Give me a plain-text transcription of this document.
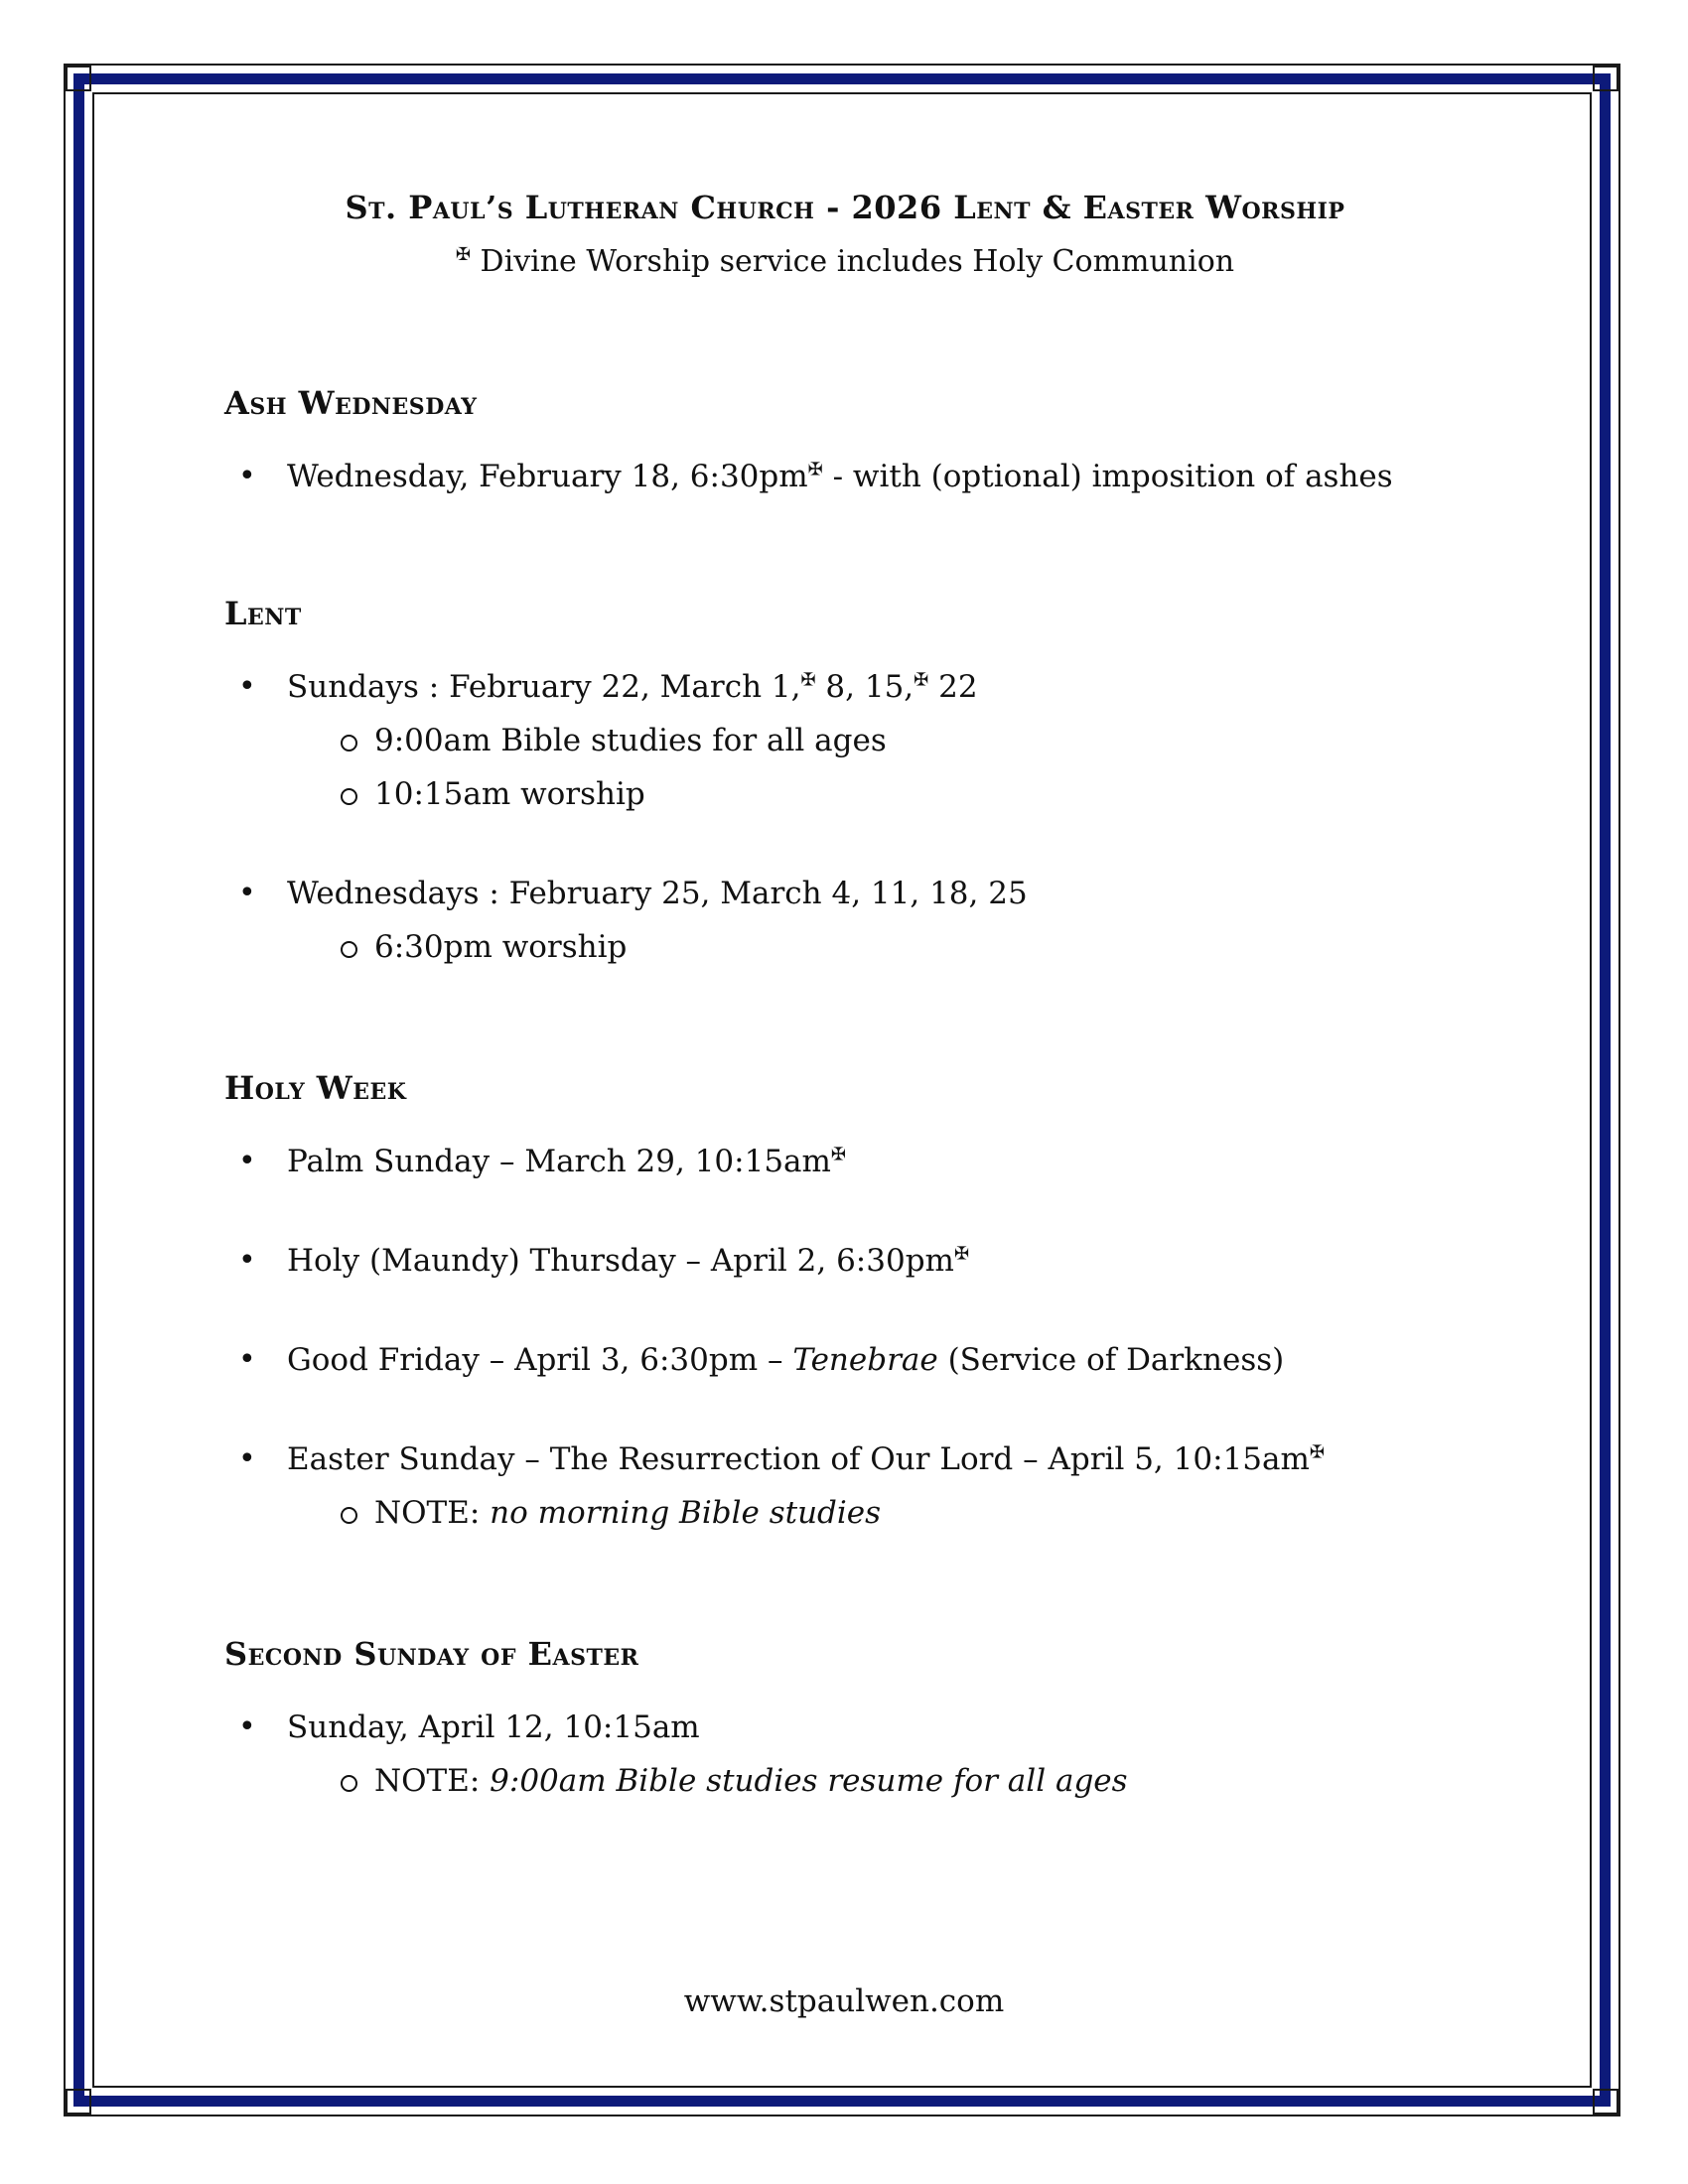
St. Paul’s Lutheran Church - 2026 Lent & Easter Worship
✠ Divine Worship service includes Holy Communion
Ash Wednesday
• Wednesday, February 18, 6:30pm✠ - with (optional) imposition of ashes
Lent
• Sundays : February 22, March 1,✠ 8, 15,✠ 22
9:00am Bible studies for all ages
10:15am worship
• Wednesdays : February 25, March 4, 11, 18, 25
6:30pm worship
Holy Week
• Palm Sunday – March 29, 10:15am✠
• Holy (Maundy) Thursday – April 2, 6:30pm✠
• Good Friday – April 3, 6:30pm – Tenebrae (Service of Darkness)
• Easter Sunday – The Resurrection of Our Lord – April 5, 10:15am✠
NOTE: no morning Bible studies
Second Sunday of Easter
• Sunday, April 12, 10:15am
NOTE: 9:00am Bible studies resume for all ages
www.stpaulwen.com
